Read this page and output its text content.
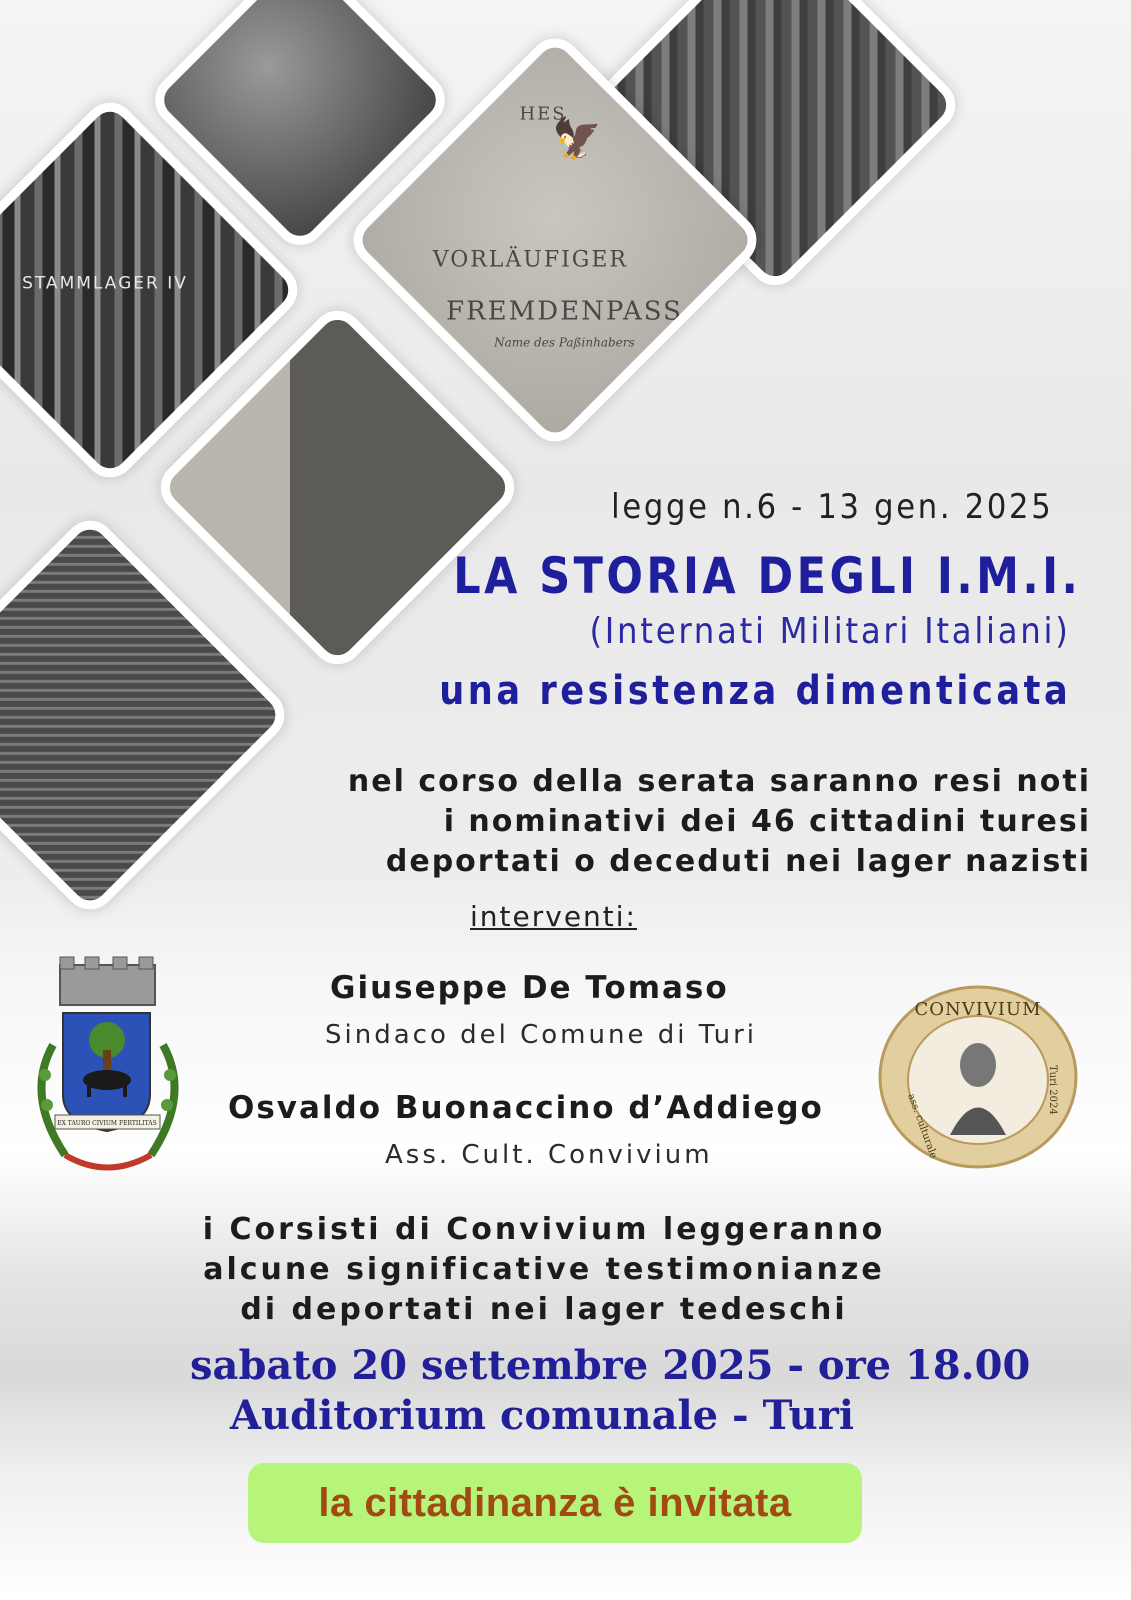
STAMMLAGER IV
🦅
HES
VORLÄUFIGER
FREMDENPASS
Name des Paßinhabers
legge n.6 - 13 gen. 2025
LA STORIA DEGLI I.M.I.
(Internati Militari Italiani)
una resistenza dimenticata
nel corso della serata saranno resi noti
i nominativi dei 46 cittadini turesi
deportati o deceduti nei lager nazisti
interventi:
Giuseppe De Tomaso
Sindaco del Comune di Turi
Osvaldo Buonaccino d’Addiego
Ass. Cult. Convivium
EX TAURO CIVIUM FERTILITAS
CONVIVIUM
ass. culturale
Turi 2024
i Corsisti di Convivium leggeranno
alcune significative testimonianze
di deportati nei lager tedeschi
sabato 20 settembre 2025 - ore 18.00
Auditorium comunale - Turi
la cittadinanza è invitata
